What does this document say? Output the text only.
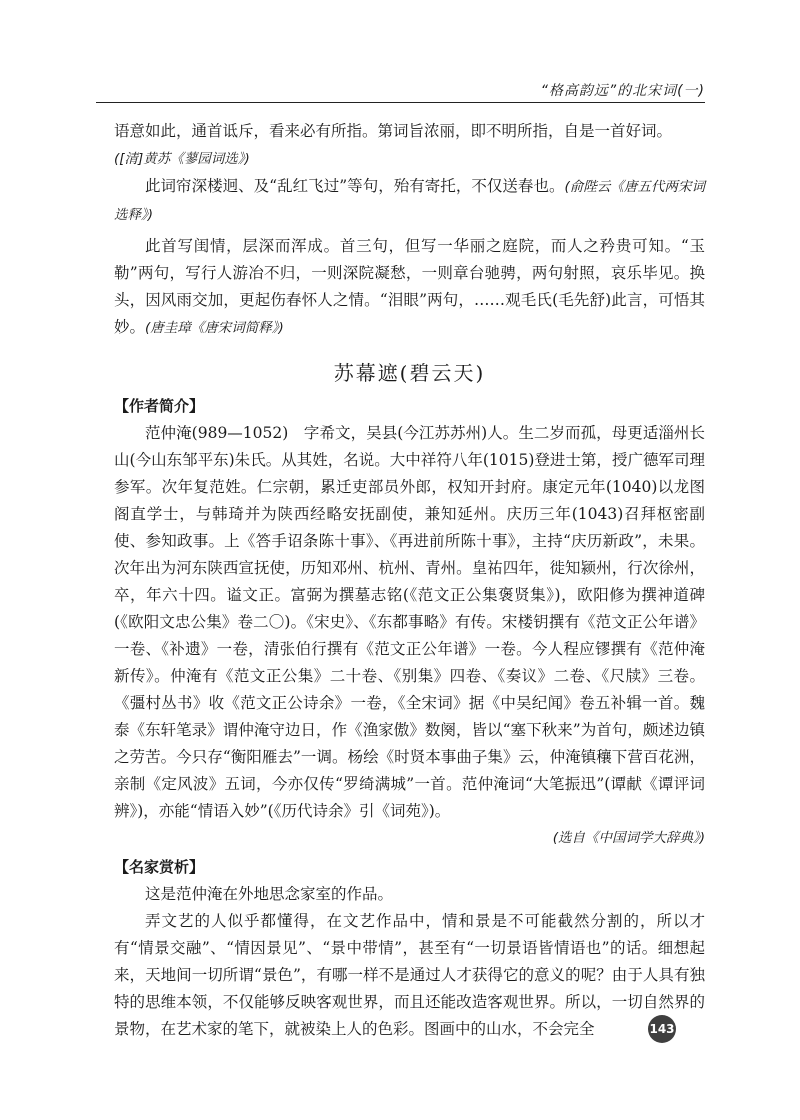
“格高韵远”的北宋词(一)

语意如此，通首诋斥，看来必有所指。第词旨浓丽，即不明所指，自是一首好词。
([清]黄苏《蓼园词选》)

此词帘深楼迥、及“乱红飞过”等句，殆有寄托，不仅送春也。(俞陛云《唐五代两宋词选释》)

此首写闺情，层深而浑成。首三句，但写一华丽之庭院，而人之矜贵可知。“玉勒”两句，写行人游冶不归，一则深院凝愁，一则章台驰骋，两句射照，哀乐毕见。换头，因风雨交加，更起伤春怀人之情。“泪眼”两句，……观毛氏(毛先舒)此言，可悟其妙。(唐圭璋《唐宋词简释》)

苏幕遮(碧云天)
【作者简介】

范仲淹(989—1052)　字希文，吴县(今江苏苏州)人。生二岁而孤，母更适淄州长山(今山东邹平东)朱氏。从其姓，名说。大中祥符八年(1015)登进士第，授广德军司理参军。次年复范姓。仁宗朝，累迁吏部员外郎，权知开封府。康定元年(1040)以龙图阁直学士，与韩琦并为陕西经略安抚副使，兼知延州。庆历三年(1043)召拜枢密副使、参知政事。上《答手诏条陈十事》、《再进前所陈十事》，主持“庆历新政”，未果。次年出为河东陕西宣抚使，历知邓州、杭州、青州。皇祐四年，徙知颍州，行次徐州，卒，年六十四。谥文正。富弼为撰墓志铭(《范文正公集褒贤集》)，欧阳修为撰神道碑(《欧阳文忠公集》卷二〇)。《宋史》、《东都事略》有传。宋楼钥撰有《范文正公年谱》一卷、《补遗》一卷，清张伯行撰有《范文正公年谱》一卷。今人程应镠撰有《范仲淹新传》。仲淹有《范文正公集》二十卷、《别集》四卷、《奏议》二卷、《尺牍》三卷。《彊村丛书》收《范文正公诗余》一卷，《全宋词》据《中吴纪闻》卷五补辑一首。魏泰《东轩笔录》谓仲淹守边日，作《渔家傲》数阕，皆以“塞下秋来”为首句，颇述边镇之劳苦。今只存“衡阳雁去”一调。杨绘《时贤本事曲子集》云，仲淹镇穰下营百花洲，亲制《定风波》五词，今亦仅传“罗绮满城”一首。范仲淹词“大笔振迅”(谭献《谭评词辨》)，亦能“情语入妙”(《历代诗余》引《词苑》)。

(选自《中国词学大辞典》)

【名家赏析】

这是范仲淹在外地思念家室的作品。

弄文艺的人似乎都懂得，在文艺作品中，情和景是不可能截然分割的，所以才有“情景交融”、“情因景见”、“景中带情”，甚至有“一切景语皆情语也”的话。细想起来，天地间一切所谓“景色”，有哪一样不是通过人才获得它的意义的呢？由于人具有独特的思维本领，不仅能够反映客观世界，而且还能改造客观世界。所以，一切自然界的景物，在艺术家的笔下，就被染上人的色彩。图画中的山水，不会完全	143
